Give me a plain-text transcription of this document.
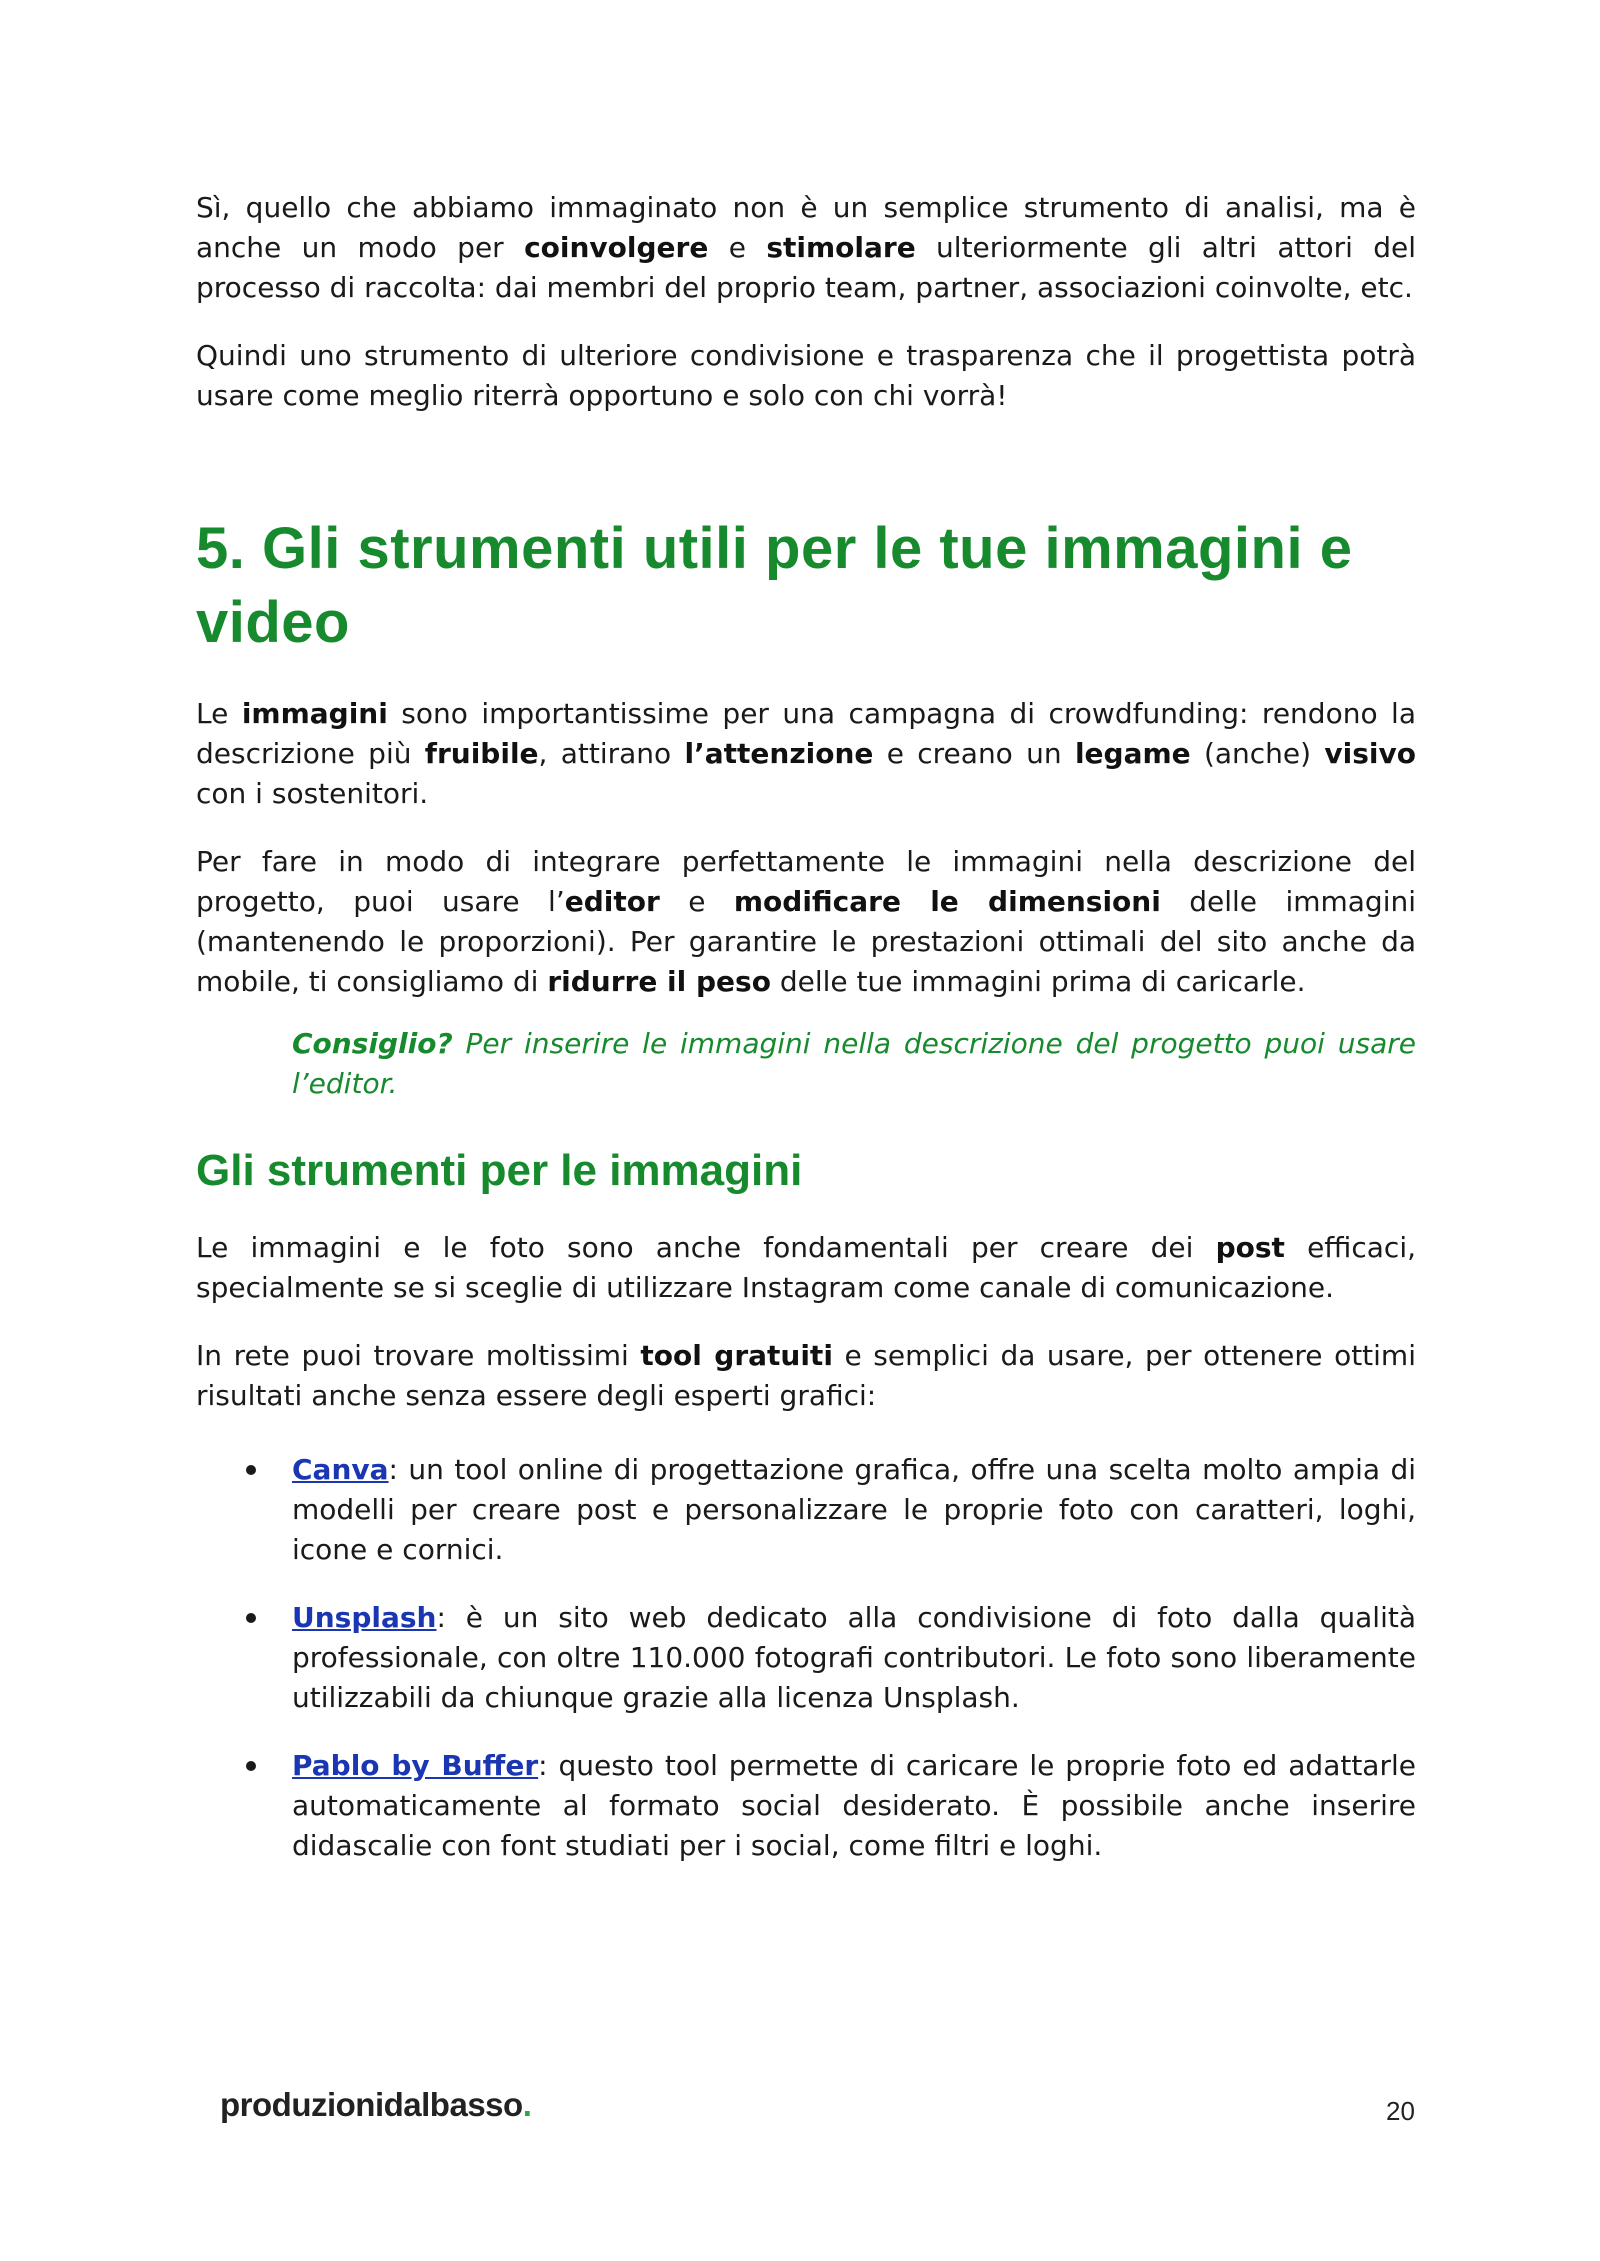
Sì, quello che abbiamo immaginato non è un semplice strumento di analisi, ma è anche un modo per coinvolgere e stimolare ulteriormente gli altri attori del processo di raccolta: dai membri del proprio team, partner, associazioni coinvolte, etc.

Quindi uno strumento di ulteriore condivisione e trasparenza che il progettista potrà usare come meglio riterrà opportuno e solo con chi vorrà!

5. Gli strumenti utili per le tue immagini e video

Le immagini sono importantissime per una campagna di crowdfunding: rendono la descrizione più fruibile, attirano l’attenzione e creano un legame (anche) visivo con i sostenitori.

Per fare in modo di integrare perfettamente le immagini nella descrizione del progetto, puoi usare l’editor e modificare le dimensioni delle immagini (mantenendo le proporzioni). Per garantire le prestazioni ottimali del sito anche da mobile, ti consigliamo di ridurre il peso delle tue immagini prima di caricarle.

Consiglio? Per inserire le immagini nella descrizione del progetto puoi usare l’editor.

Gli strumenti per le immagini

Le immagini e le foto sono anche fondamentali per creare dei post efficaci, specialmente se si sceglie di utilizzare Instagram come canale di comunicazione.

In rete puoi trovare moltissimi tool gratuiti e semplici da usare, per ottenere ottimi risultati anche senza essere degli esperti grafici:

Canva: un tool online di progettazione grafica, offre una scelta molto ampia di modelli per creare post e personalizzare le proprie foto con caratteri, loghi, icone e cornici.

Unsplash: è un sito web dedicato alla condivisione di foto dalla qualità professionale, con oltre 110.000 fotografi contributori. Le foto sono liberamente utilizzabili da chiunque grazie alla licenza Unsplash.

Pablo by Buffer: questo tool permette di caricare le proprie foto ed adattarle automaticamente al formato social desiderato. È possibile anche inserire didascalie con font studiati per i social, come filtri e loghi.

produzionidalbasso.	20
